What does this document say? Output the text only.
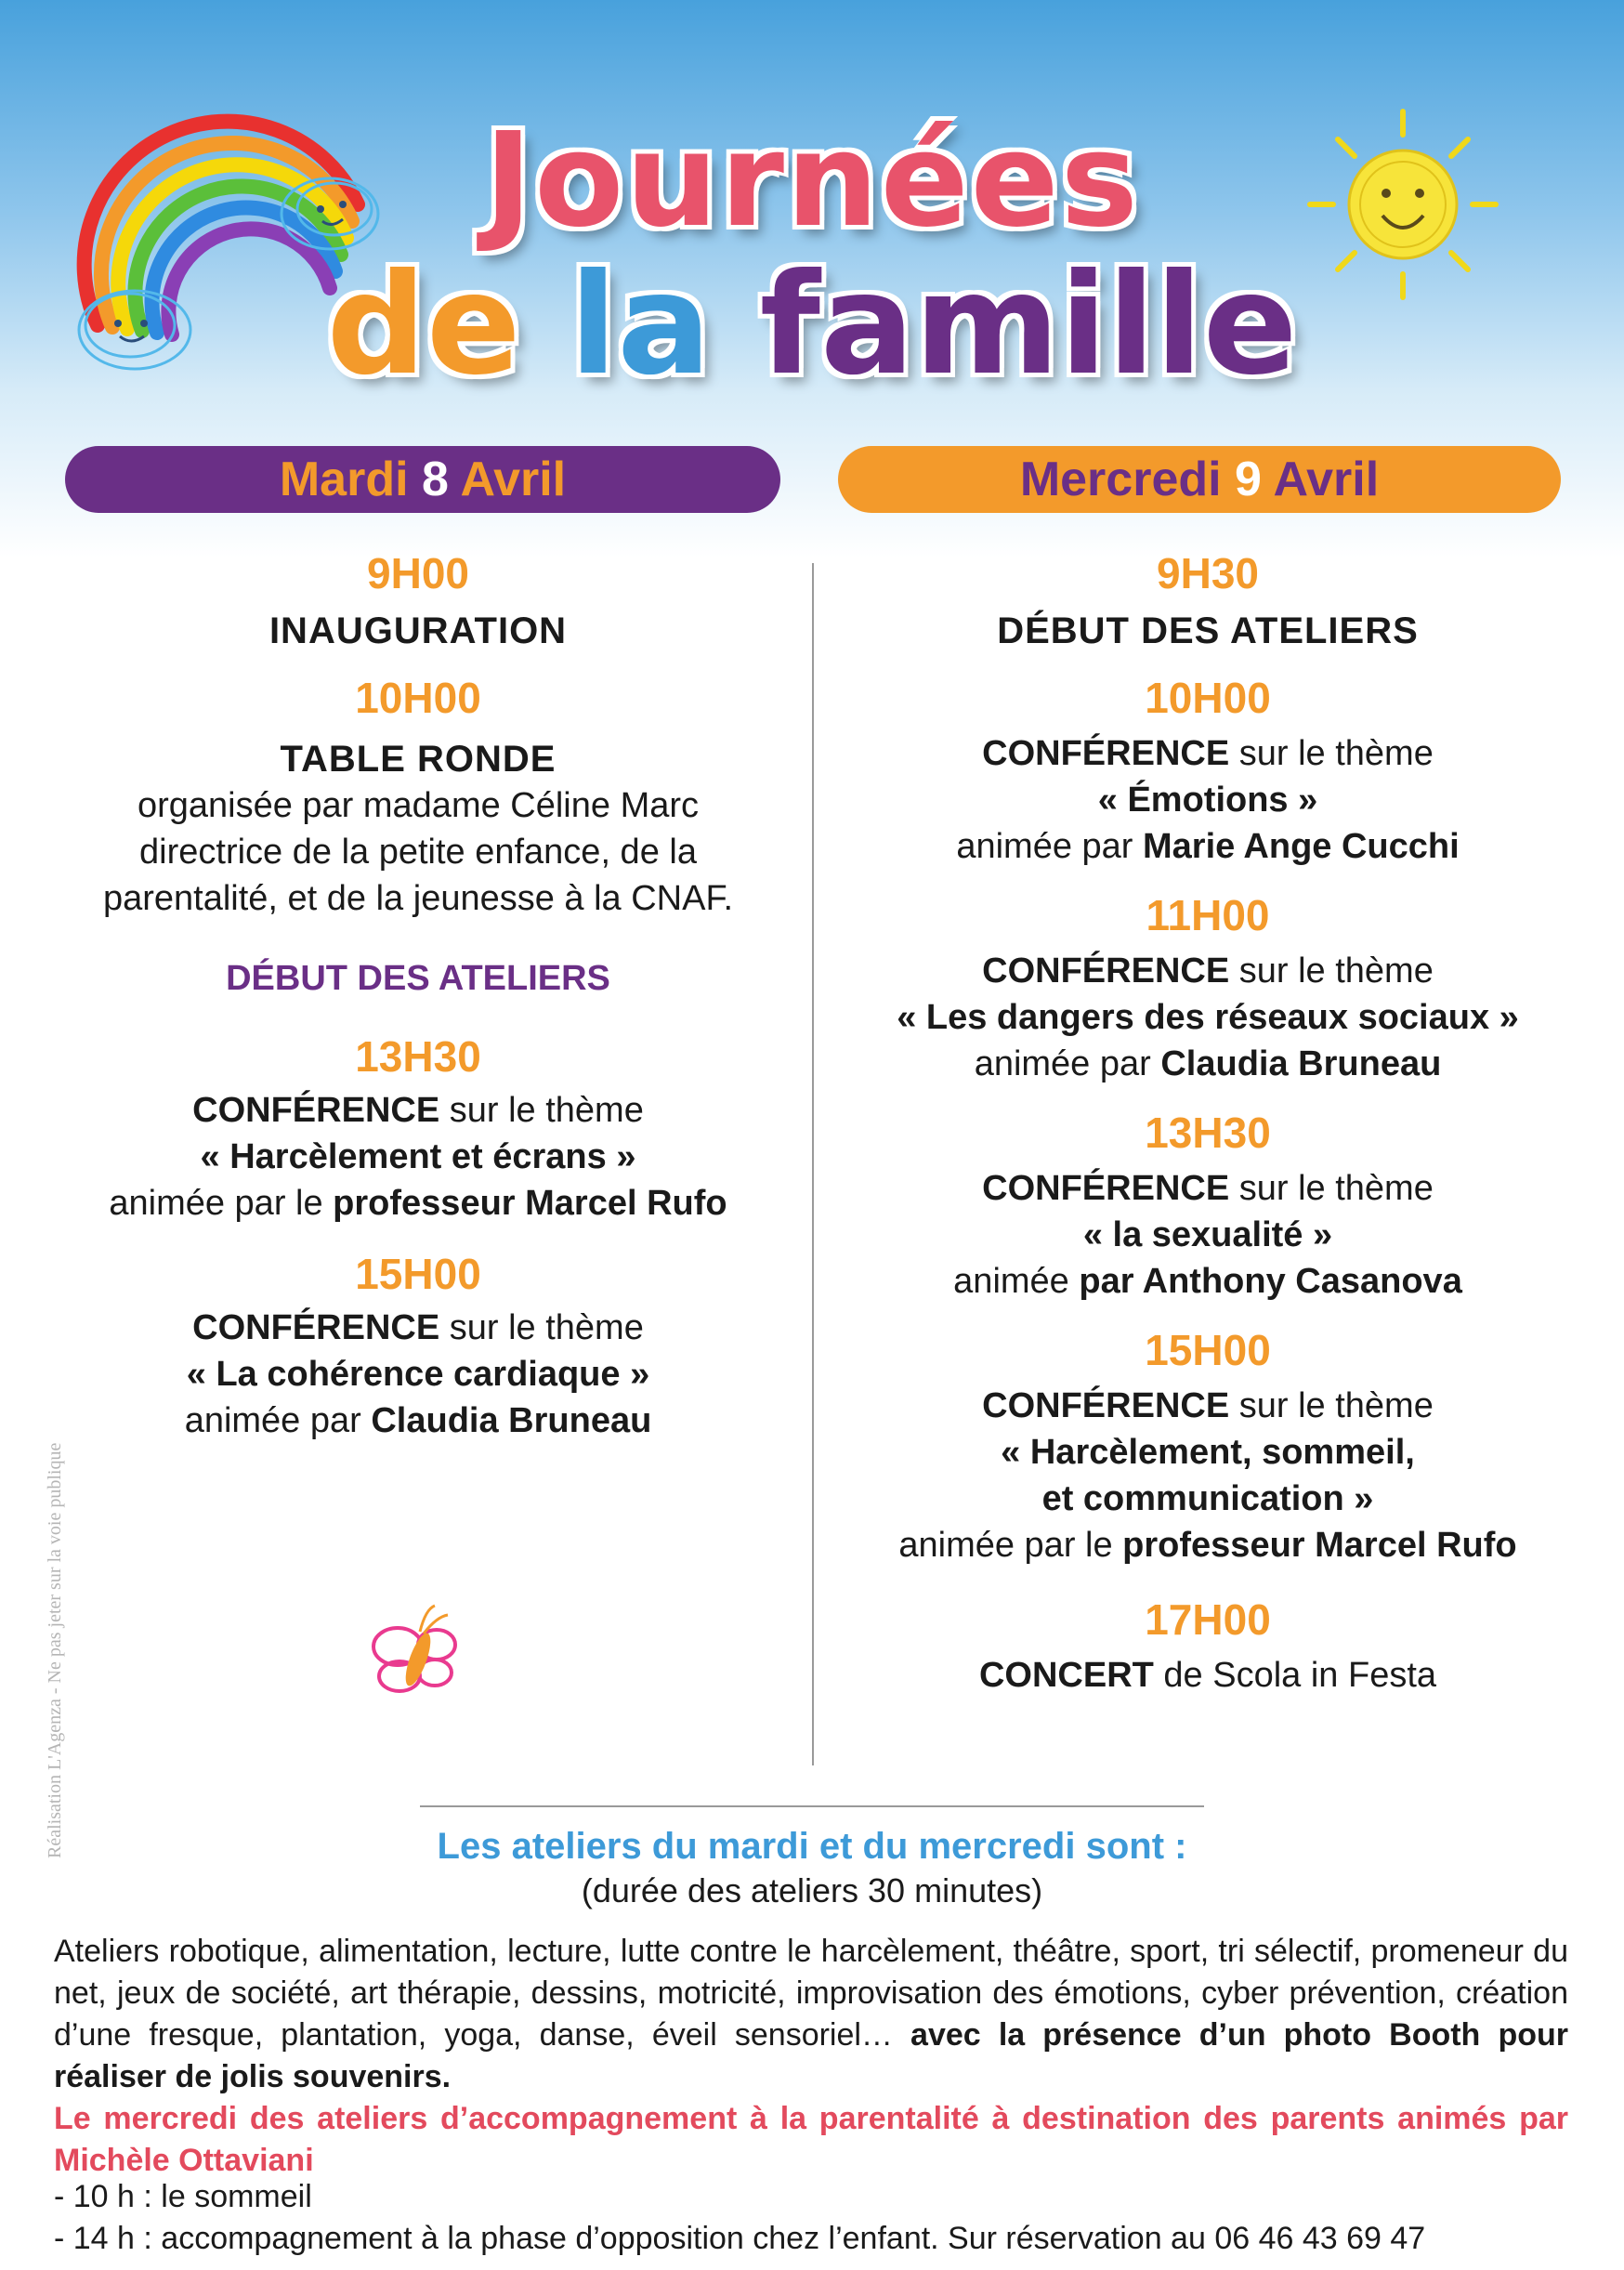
Journées
de la famille
Mardi 8 Avril	Mercredi 9 Avril
9H00
INAUGURATION
10H00
TABLE RONDE
organisée par madame Céline Marc
directrice de la petite enfance, de la
parentalité, et de la jeunesse à la CNAF.
DÉBUT DES ATELIERS
13H30
CONFÉRENCE sur le thème
« Harcèlement et écrans »
animée par le professeur Marcel Rufo
15H00
CONFÉRENCE sur le thème
« La cohérence cardiaque »
animée par Claudia Bruneau
9H30
DÉBUT DES ATELIERS
10H00
CONFÉRENCE sur le thème
« Émotions »
animée par Marie Ange Cucchi
11H00
CONFÉRENCE sur le thème
« Les dangers des réseaux sociaux »
animée par Claudia Bruneau
13H30
CONFÉRENCE sur le thème
« la sexualité »
animée par Anthony Casanova
15H00
CONFÉRENCE sur le thème
« Harcèlement, sommeil,
et communication »
animée par le professeur Marcel Rufo
17H00
CONCERT de Scola in Festa
Les ateliers du mardi et du mercredi sont :
(durée des ateliers 30 minutes)
Ateliers robotique, alimentation, lecture, lutte contre le harcèlement, théâtre, sport, tri sélectif, promeneur du net, jeux de société, art thérapie, dessins, motricité, improvisation des émotions, cyber prévention, création d’une fresque, plantation, yoga, danse, éveil sensoriel… avec la présence d’un photo Booth pour réaliser de jolis souvenirs.
Le mercredi des ateliers d’accompagnement à la parentalité à destination des parents animés par Michèle Ottaviani
- 10 h : le sommeil
- 14 h : accompagnement à la phase d’opposition chez l’enfant. Sur réservation au 06 46 43 69 47
Réalisation L'Agenza - Ne pas jeter sur la voie publique
